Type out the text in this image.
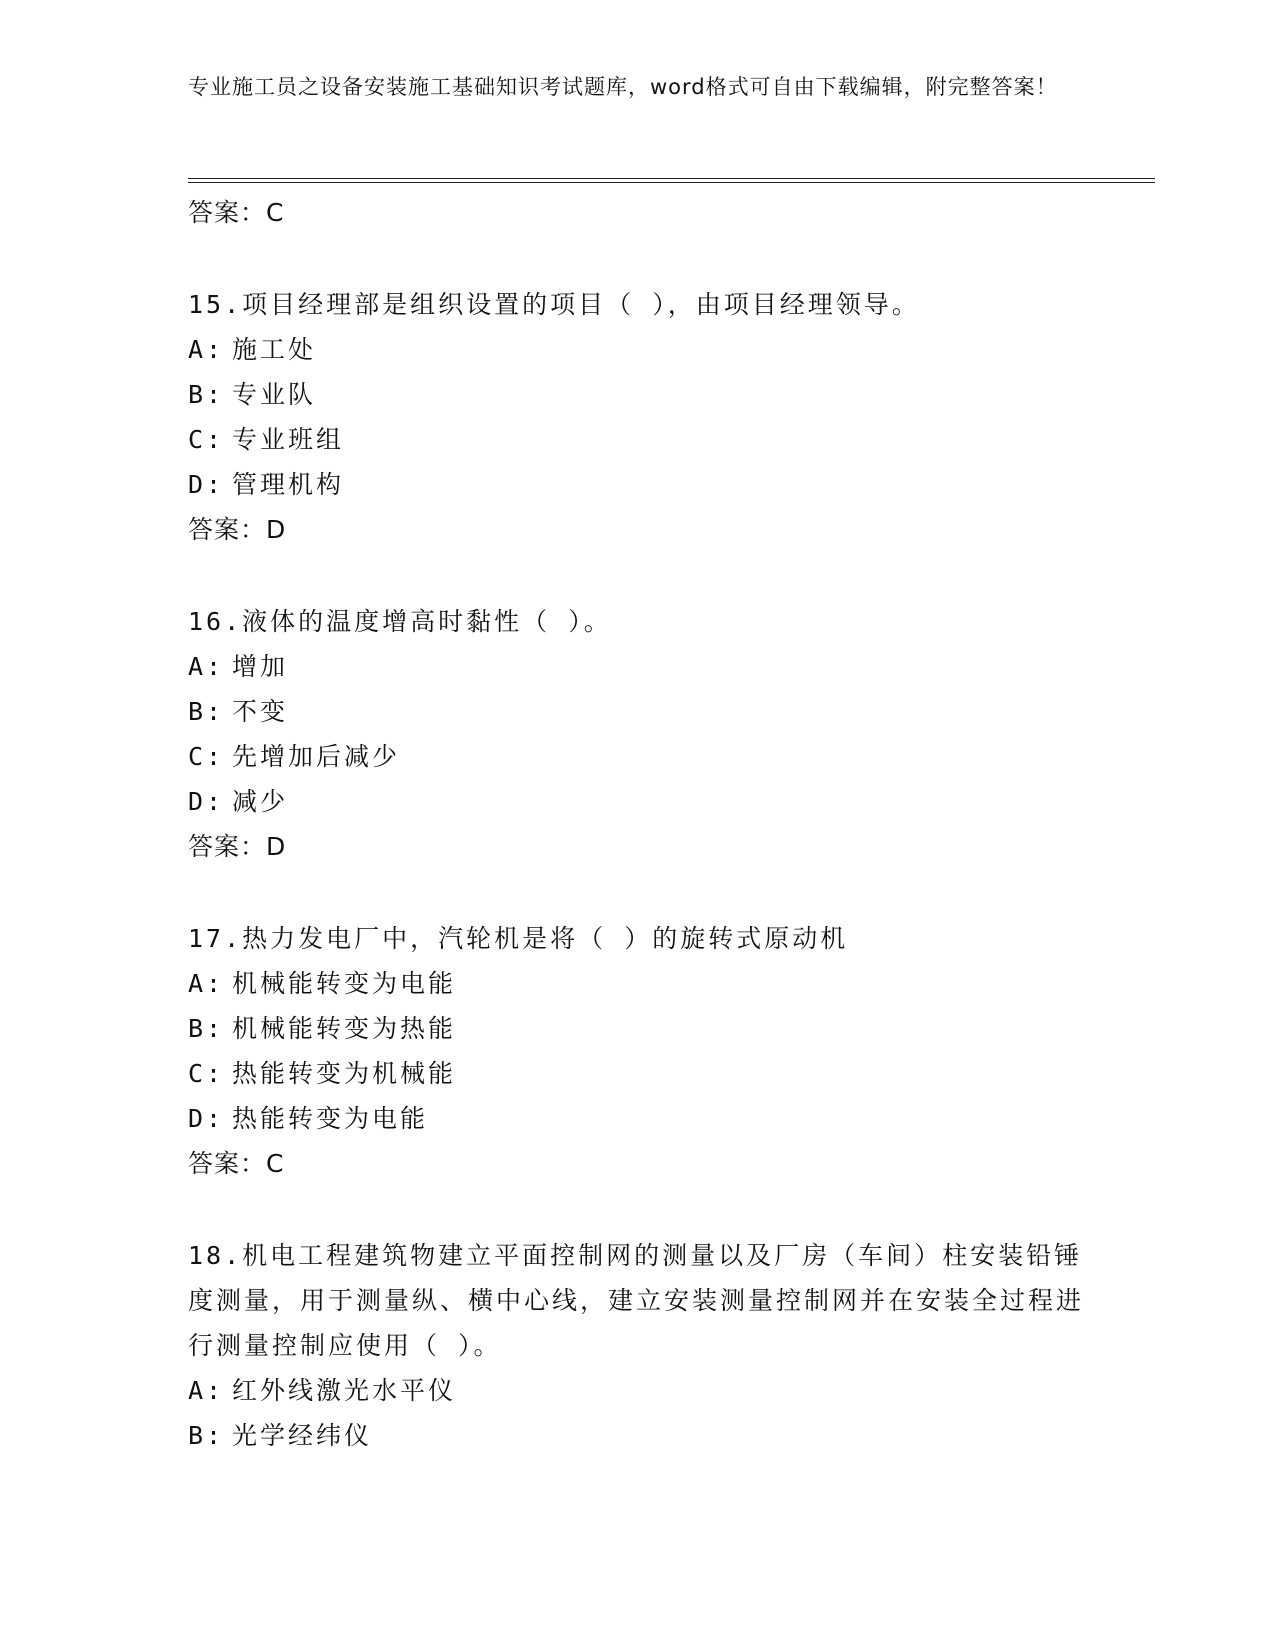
专业施工员之设备安装施工基础知识考试题库，word格式可自由下载编辑，附完整答案！
答案：C
15.项目经理部是组织设置的项目（ ），由项目经理领导。
A: 施工处
B: 专业队
C: 专业班组
D: 管理机构
答案：D
16.液体的温度增高时黏性（ ）。
A: 增加
B: 不变
C: 先增加后减少
D: 减少
答案：D
17.热力发电厂中，汽轮机是将（ ）的旋转式原动机
A: 机械能转变为电能
B: 机械能转变为热能
C: 热能转变为机械能
D: 热能转变为电能
答案：C
18.机电工程建筑物建立平面控制网的测量以及厂房（车间）柱安装铅锤度测量，用于测量纵、横中心线，建立安装测量控制网并在安装全过程进行测量控制应使用（ ）。
A: 红外线激光水平仪
B: 光学经纬仪
